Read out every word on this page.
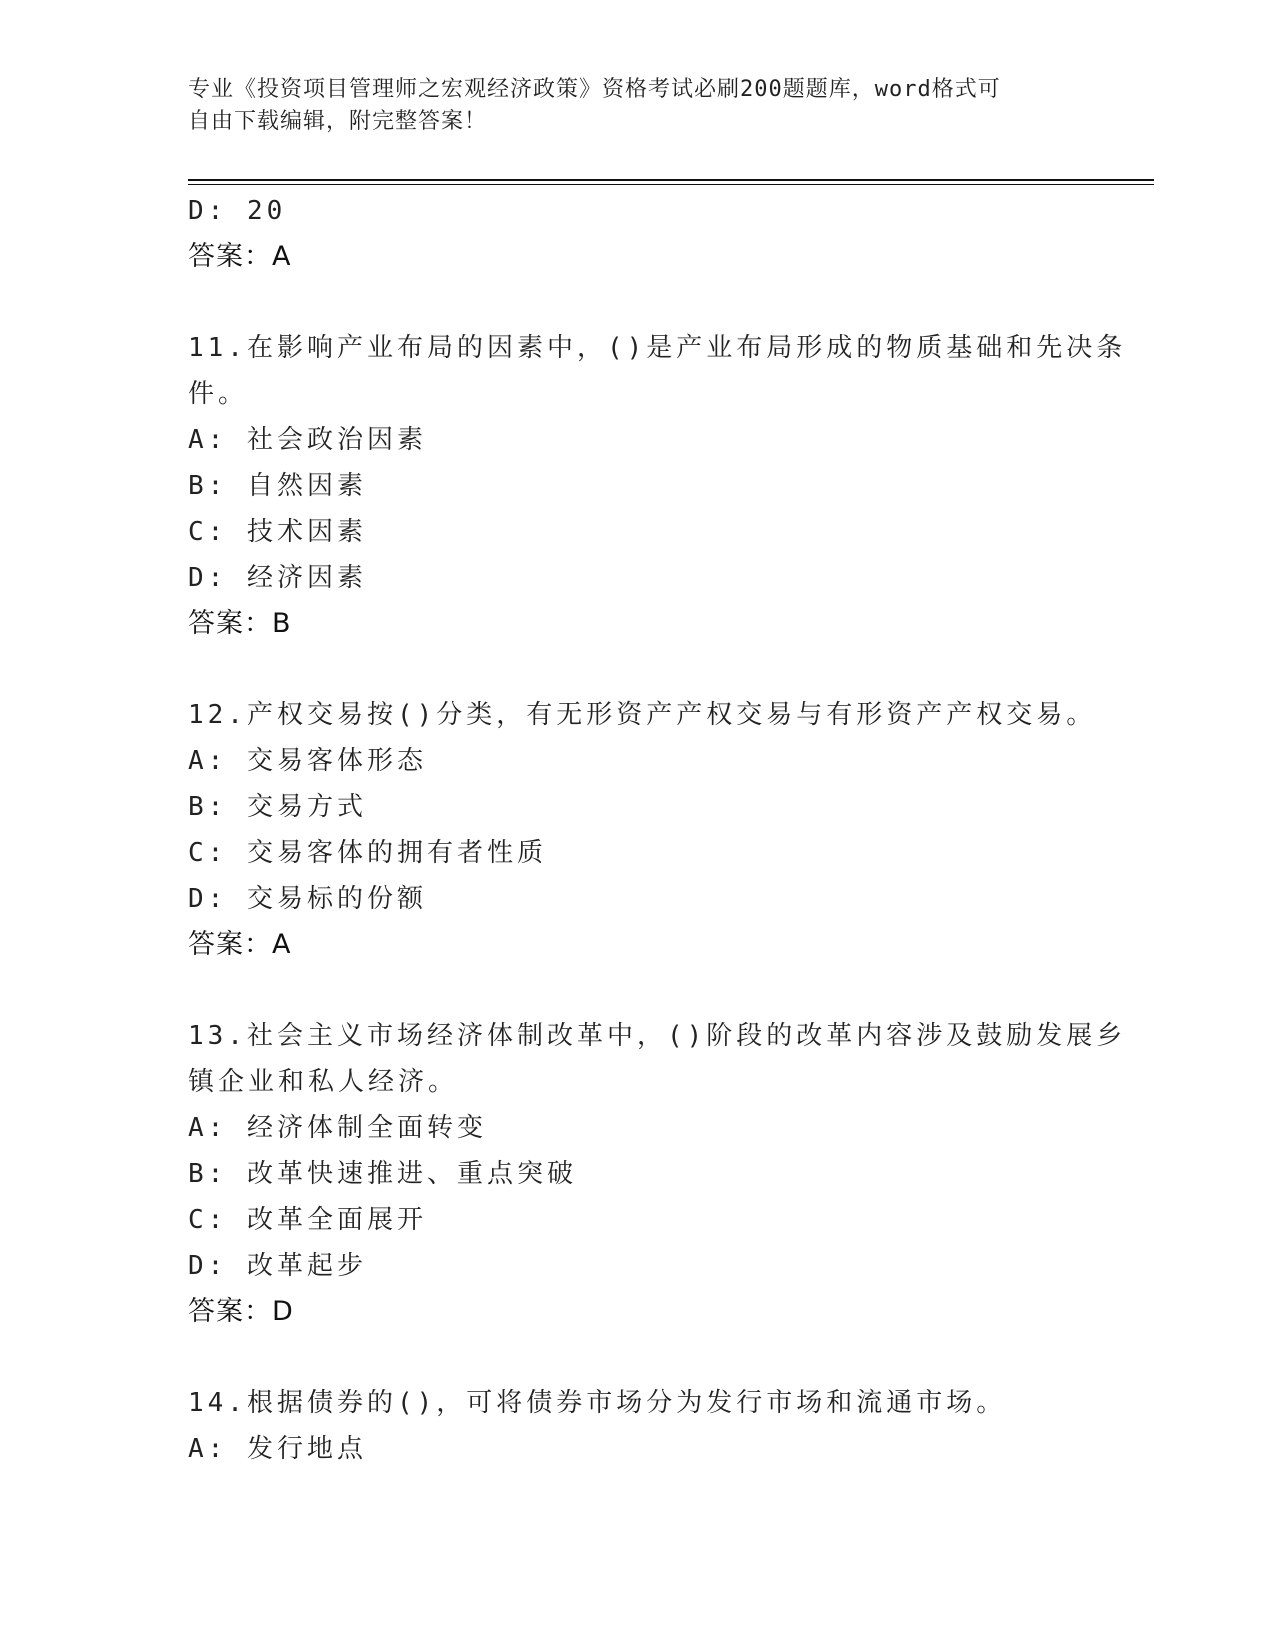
专业《投资项目管理师之宏观经济政策》资格考试必刷200题题库，word格式可
自由下载编辑，附完整答案！
D: 20
答案：A
11.在影响产业布局的因素中，()是产业布局形成的物质基础和先决条
件。
A: 社会政治因素
B: 自然因素
C: 技术因素
D: 经济因素
答案：B
12.产权交易按()分类，有无形资产产权交易与有形资产产权交易。
A: 交易客体形态
B: 交易方式
C: 交易客体的拥有者性质
D: 交易标的份额
答案：A
13.社会主义市场经济体制改革中，()阶段的改革内容涉及鼓励发展乡
镇企业和私人经济。
A: 经济体制全面转变
B: 改革快速推进、重点突破
C: 改革全面展开
D: 改革起步
答案：D
14.根据债券的()，可将债券市场分为发行市场和流通市场。
A: 发行地点
